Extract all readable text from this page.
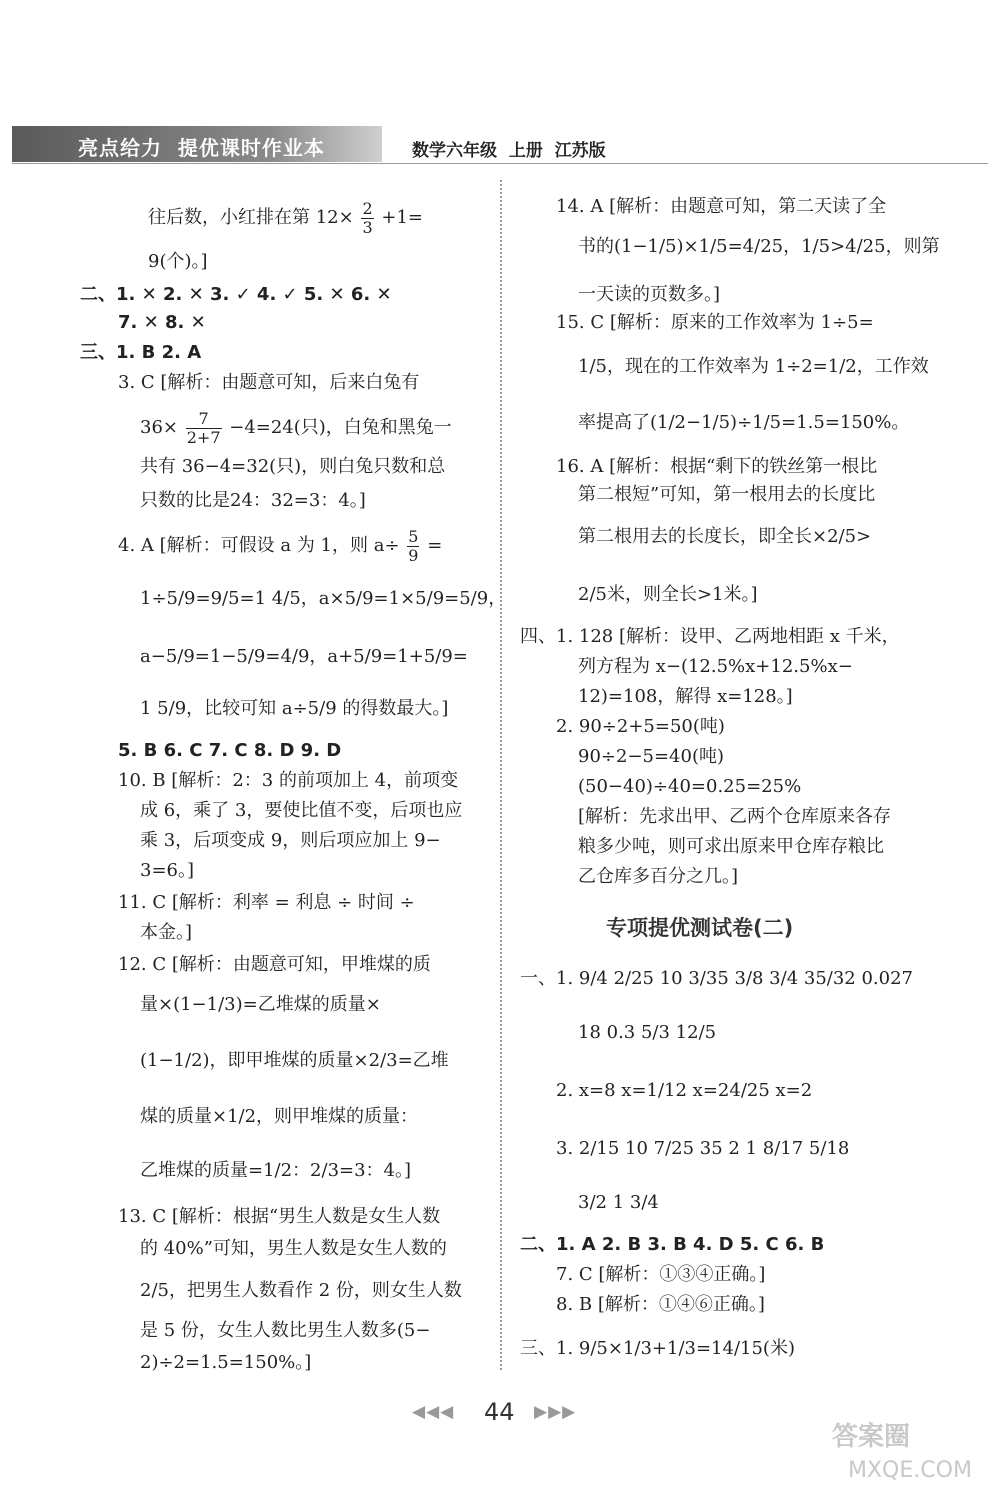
亮点给力  提优课时作业本	数学六年级  上册  江苏版
往后数，小红排在第 $12\times \frac{2}{3} +1=$
9(个)。]
二、1. ✕ 2. ✕ 3. ✓ 4. ✓ 5. ✕ 6. ✕
7. ✕ 8. ✕
三、1. B 2. A
3. C [解析：由题意可知，后来白兔有
$36\times \frac{7}{2+7} -4=24$(只)，白兔和黑兔一
共有 36−4=32(只)，则白兔只数和总
只数的比是24：32=3：4。]
4. A [解析：可假设 a 为 1，则 $a\div \frac{5}{9}$ =
1÷5/9=9/5=1 4/5，a×5/9=1×5/9=5/9，
a−5/9=1−5/9=4/9，a+5/9=1+5/9=
1 5/9，比较可知 a÷5/9 的得数最大。]
5. B 6. C 7. C 8. D 9. D
10. B [解析：2：3 的前项加上 4，前项变
成 6，乘了 3，要使比值不变，后项也应
乘 3，后项变成 9，则后项应加上 9−
3=6。]
11. C [解析：利率 = 利息 ÷ 时间 ÷
本金。]
12. C [解析：由题意可知，甲堆煤的质
量×(1−1/3)=乙堆煤的质量×
(1−1/2)，即甲堆煤的质量×2/3=乙堆
煤的质量×1/2，则甲堆煤的质量：
乙堆煤的质量=1/2：2/3=3：4。]
13. C [解析：根据“男生人数是女生人数
的 40%”可知，男生人数是女生人数的
2/5，把男生人数看作 2 份，则女生人数
是 5 份，女生人数比男生人数多(5−
2)÷2=1.5=150%。]
14. A [解析：由题意可知，第二天读了全
书的(1−1/5)×1/5=4/25，1/5>4/25，则第
一天读的页数多。]
15. C [解析：原来的工作效率为 1÷5=
1/5，现在的工作效率为 1÷2=1/2，工作效
率提高了(1/2−1/5)÷1/5=1.5=150%。
16. A [解析：根据“剩下的铁丝第一根比
第二根短”可知，第一根用去的长度比
第二根用去的长度长，即全长×2/5>
2/5米，则全长>1米。]
四、1. 128 [解析：设甲、乙两地相距 x 千米，
列方程为 x−(12.5%x+12.5%x−
12)=108，解得 x=128。]
2. 90÷2+5=50(吨)
90÷2−5=40(吨)
(50−40)÷40=0.25=25%
[解析：先求出甲、乙两个仓库原来各存
粮多少吨，则可求出原来甲仓库存粮比
乙仓库多百分之几。]
专项提优测试卷(二)
一、1. 9/4 2/25 10 3/35 3/8 3/4 35/32 0.027
18 0.3 5/3 12/5
2. x=8 x=1/12 x=24/25 x=2
3. 2/15 10 7/25 35 2 1 8/17 5/18
3/2 1 3/4
二、1. A 2. B 3. B 4. D 5. C 6. B
7. C [解析：①③④正确。]
8. B [解析：①④⑥正确。]
三、1. 9/5×1/3+1/3=14/15(米)
◀◀◀ 44 ▶▶▶
答案圈
MXQE.COM
